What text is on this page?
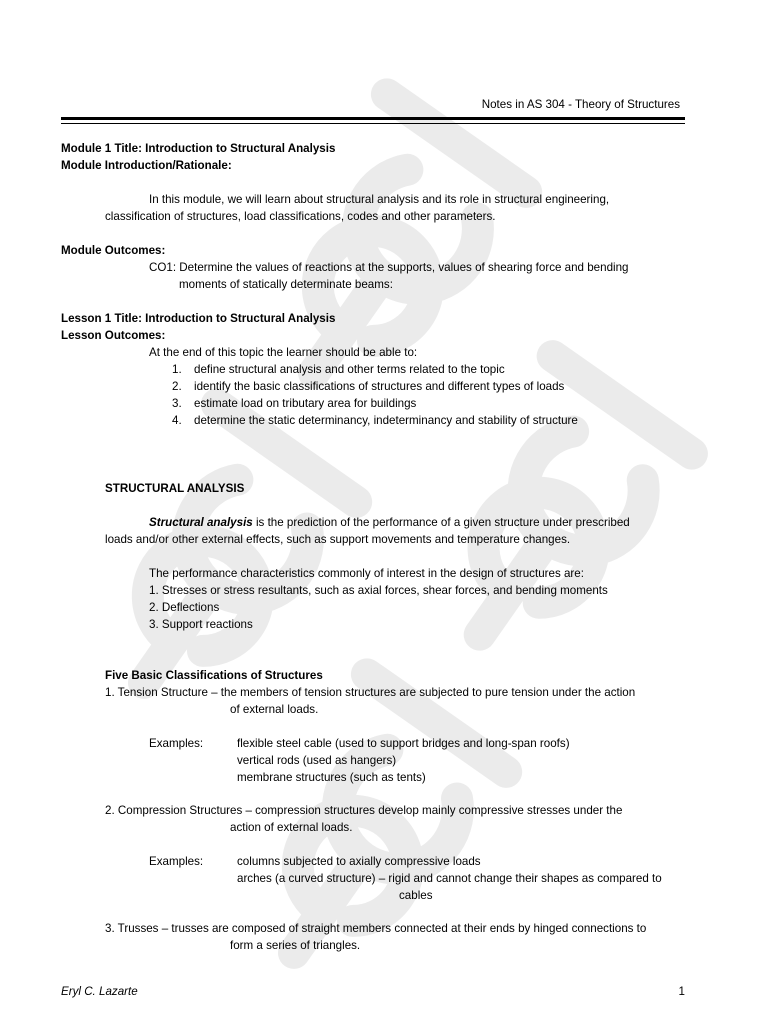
Notes in AS 304 - Theory of Structures
Module 1 Title: Introduction to Structural Analysis
Module Introduction/Rationale:
In this module, we will learn about structural analysis and its role in structural engineering,
classification of structures, load classifications, codes and other parameters.
Module Outcomes:
CO1: Determine the values of reactions at the supports, values of shearing force and bending
moments of statically determinate beams:
Lesson 1 Title: Introduction to Structural Analysis
Lesson Outcomes:
At the end of this topic the learner should be able to:
1. define structural analysis and other terms related to the topic
2. identify the basic classifications of structures and different types of loads
3. estimate load on tributary area for buildings
4. determine the static determinancy, indeterminancy and stability of structure
STRUCTURAL ANALYSIS
Structural analysis is the prediction of the performance of a given structure under prescribed
loads and/or other external effects, such as support movements and temperature changes.
The performance characteristics commonly of interest in the design of structures are:
1. Stresses or stress resultants, such as axial forces, shear forces, and bending moments
2. Deflections
3. Support reactions
Five Basic Classifications of Structures
1. Tension Structure – the members of tension structures are subjected to pure tension under the action
of external loads.
Examples:	flexible steel cable (used to support bridges and long-span roofs)
vertical rods (used as hangers)
membrane structures (such as tents)
2. Compression Structures – compression structures develop mainly compressive stresses under the
action of external loads.
Examples:	columns subjected to axially compressive loads
arches (a curved structure) – rigid and cannot change their shapes as compared to
cables
3. Trusses – trusses are composed of straight members connected at their ends by hinged connections to
form a series of triangles.
Eryl C. Lazarte	1
